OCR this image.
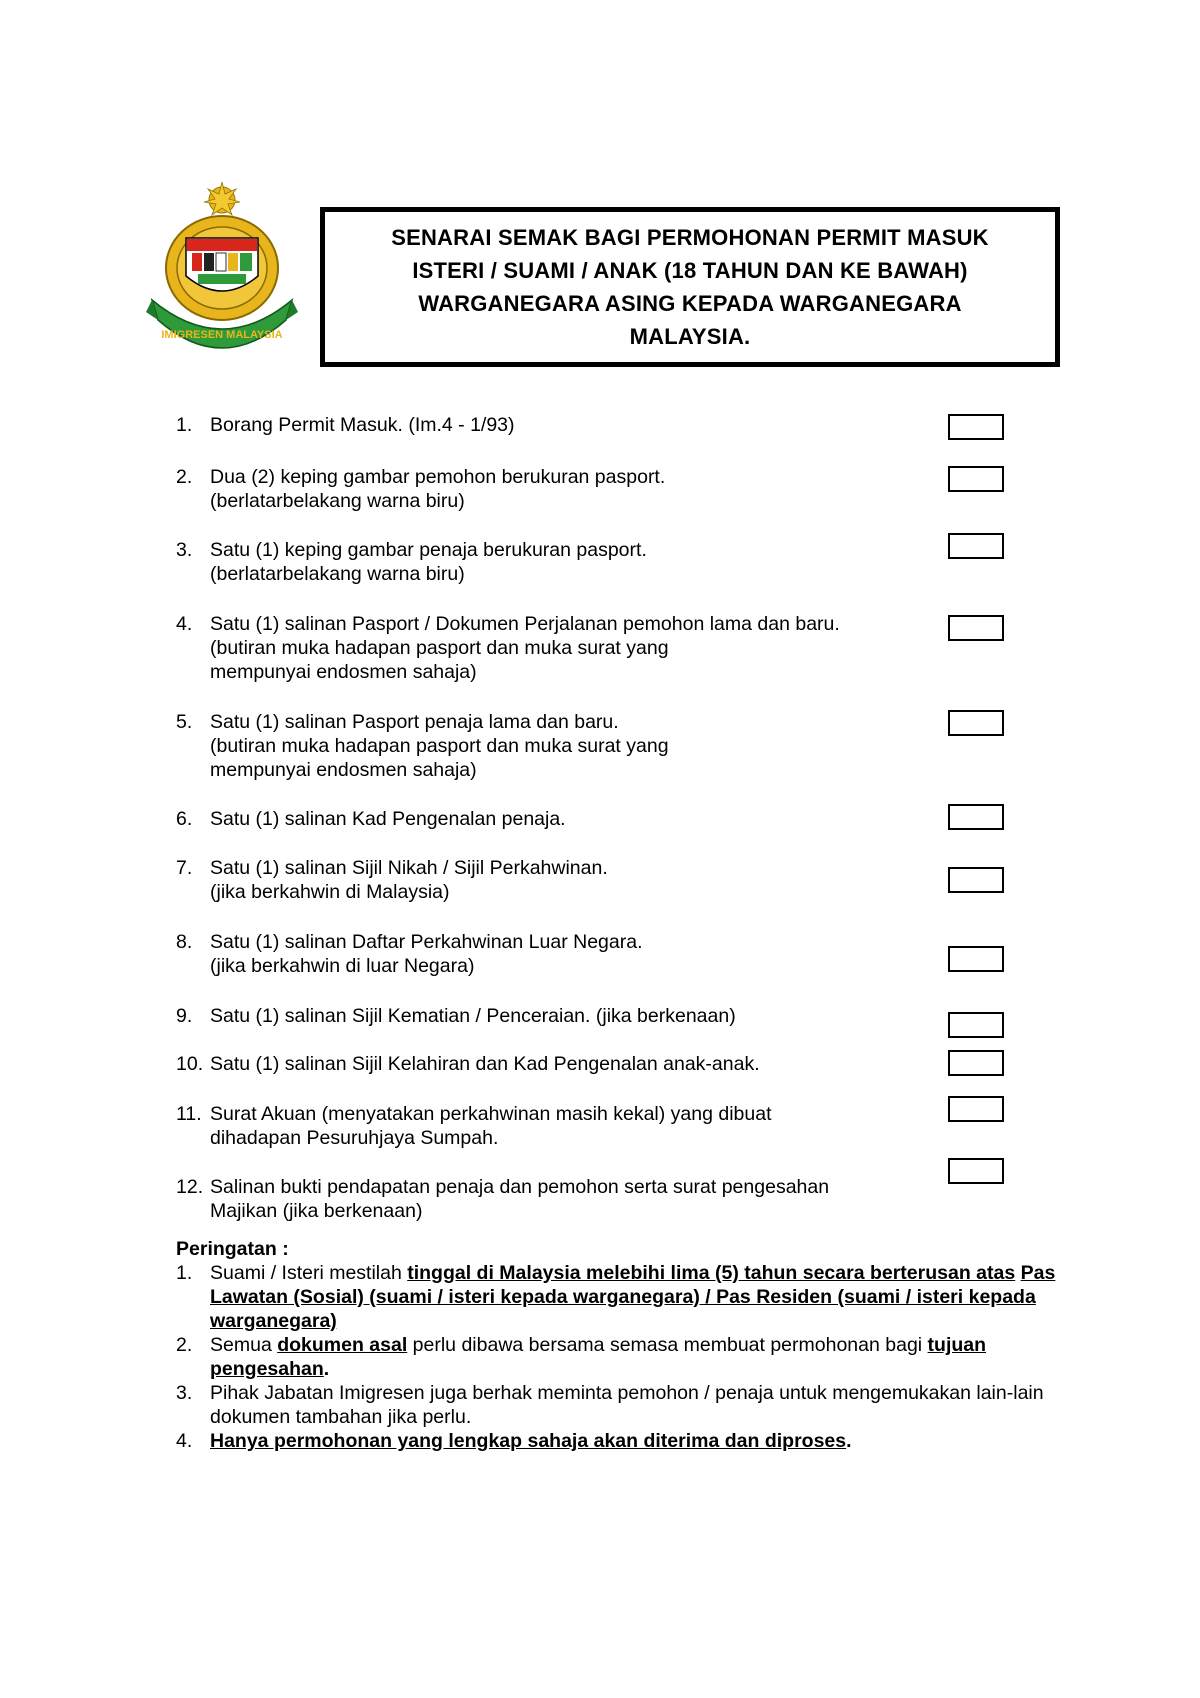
IMIGRESEN MALAYSIA
SENARAI SEMAK BAGI PERMOHONAN PERMIT MASUK
ISTERI / SUAMI / ANAK (18 TAHUN DAN KE BAWAH)
WARGANEGARA ASING KEPADA WARGANEGARA
MALAYSIA.
1. Borang Permit Masuk. (Im.4 - 1/93)
2. Dua (2) keping gambar pemohon berukuran pasport.
(berlatarbelakang warna biru)
3. Satu (1) keping gambar penaja berukuran pasport.
(berlatarbelakang warna biru)
4. Satu (1) salinan Pasport / Dokumen Perjalanan pemohon lama dan baru.
(butiran muka hadapan pasport dan muka surat yang
mempunyai endosmen sahaja)
5. Satu (1) salinan Pasport penaja lama dan baru.
(butiran muka hadapan pasport dan muka surat yang
mempunyai endosmen sahaja)
6. Satu (1) salinan Kad Pengenalan penaja.
7. Satu (1) salinan Sijil Nikah / Sijil Perkahwinan.
(jika berkahwin di Malaysia)
8. Satu (1) salinan Daftar Perkahwinan Luar Negara.
(jika berkahwin di luar Negara)
9. Satu (1) salinan Sijil Kematian / Penceraian. (jika berkenaan)
10. Satu (1) salinan Sijil Kelahiran dan Kad Pengenalan anak-anak.
11. Surat Akuan (menyatakan perkahwinan masih kekal) yang dibuat
dihadapan Pesuruhjaya Sumpah.
12. Salinan bukti pendapatan penaja dan pemohon serta surat pengesahan
Majikan (jika berkenaan)
Peringatan :
1. Suami / Isteri mestilah tinggal di Malaysia melebihi lima (5) tahun secara berterusan atas Pas Lawatan (Sosial) (suami / isteri kepada warganegara) / Pas Residen (suami / isteri kepada warganegara)
2. Semua dokumen asal perlu dibawa bersama semasa membuat permohonan bagi tujuan pengesahan.
3. Pihak Jabatan Imigresen juga berhak meminta pemohon / penaja untuk mengemukakan lain-lain dokumen tambahan jika perlu.
4. Hanya permohonan yang lengkap sahaja akan diterima dan diproses.
